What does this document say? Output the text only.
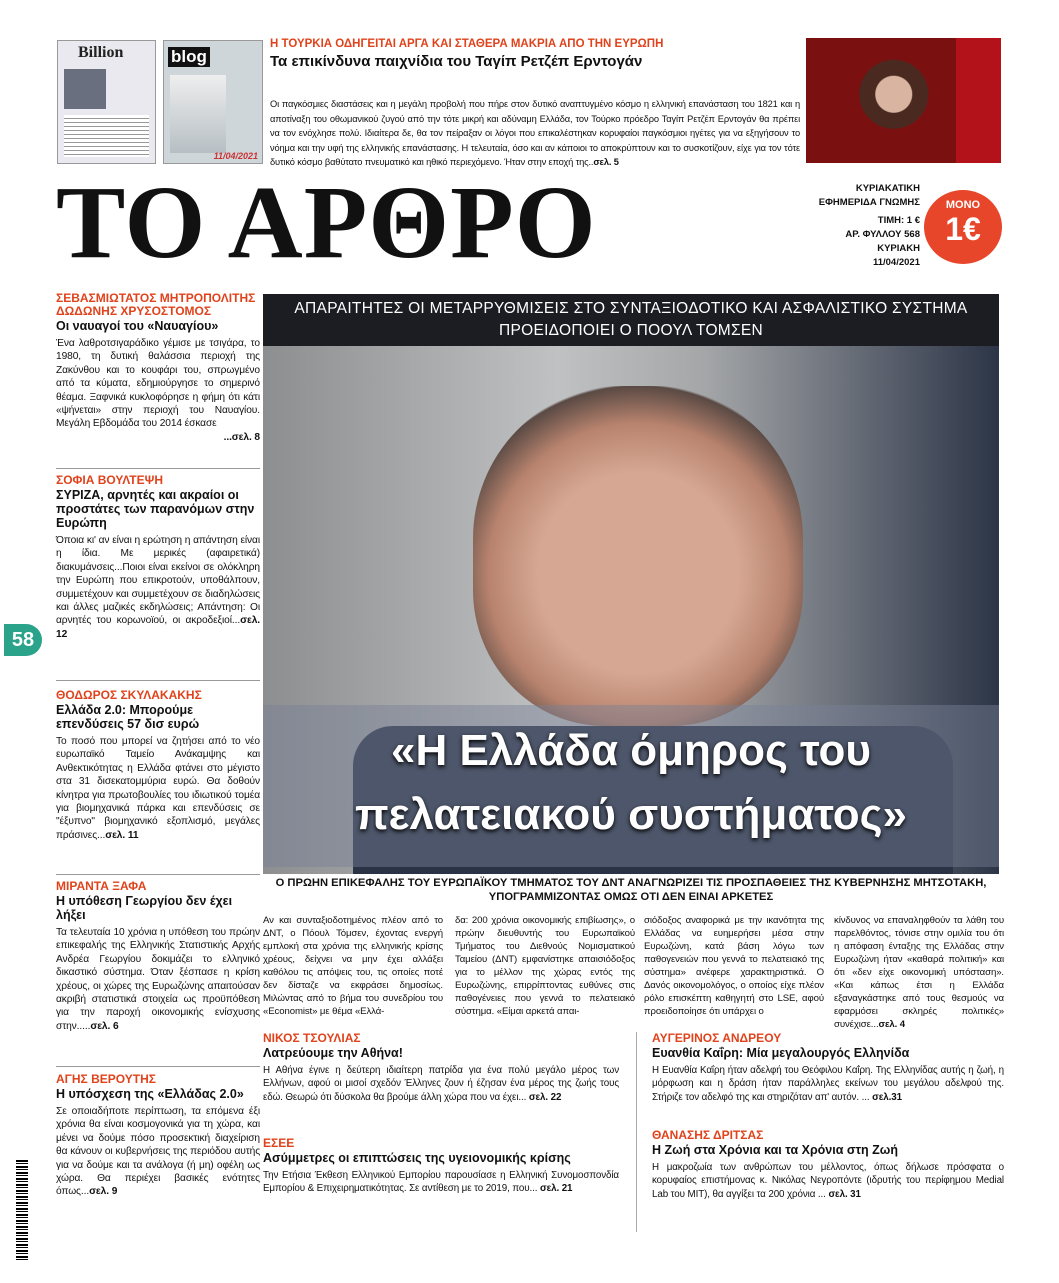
Billion	blog
11/04/2021
Η ΤΟΥΡΚΙΑ ΟΔΗΓΕΙΤΑΙ ΑΡΓΑ ΚΑΙ ΣΤΑΘΕΡΑ ΜΑΚΡΙΑ ΑΠΟ ΤΗΝ ΕΥΡΩΠΗ
Τα επικίνδυνα παιχνίδια του Ταγίπ Ρετζέπ Ερντογάν
Οι παγκόσμιες διαστάσεις και η μεγάλη προβολή που πήρε στον δυτικό αναπτυγμένο κόσμο η ελληνική επανάσταση του 1821 και η αποτίναξη του οθωμανικού ζυγού από την τότε μικρή και αδύναμη Ελλάδα, τον Τούρκο πρόεδρο Ταγίπ Ρετζέπ Ερντογάν θα πρέπει να τον ενόχλησε πολύ. Ιδιαίτερα δε, θα τον πείραξαν οι λόγοι που επικαλέστηκαν κορυφαίοι παγκόσμιοι ηγέτες για να εξηγήσουν το νόημα και την υφή της ελληνικής επανάστασης. Η τελευταία, όσο και αν κάποιοι το αποκρύπτουν και το συσκοτίζουν, είχε για τον τότε δυτικό κόσμο βαθύτατο πνευματικό και ηθικό περιεχόμενο. Ήταν στην εποχή της..σελ. 5
ΤΟ ΑΡΘΡΟ	ΚΥΡΙΑΚΑΤΙΚΗ
ΕΦΗΜΕΡΙΔΑ ΓΝΩΜΗΣ
ΤΙΜΗ: 1 €
ΑΡ. ΦΥΛΛΟΥ 568
ΚΥΡΙΑΚΗ
11/04/2021
ΜΟΝΟ
1€
ΑΠΑΡΑΙΤΗΤΕΣ ΟΙ ΜΕΤΑΡΡΥΘΜΙΣΕΙΣ ΣΤΟ ΣΥΝΤΑΞΙΟΔΟΤΙΚΟ ΚΑΙ ΑΣΦΑΛΙΣΤΙΚΟ ΣΥΣΤΗΜΑ ΠΡΟΕΙΔΟΠΟΙΕΙ Ο ΠΟΟΥΛ ΤΟΜΣΕΝ
«Η Ελλάδα όμηρος του
πελατειακού συστήματος»
Ο ΠΡΩΗΝ ΕΠΙΚΕΦΑΛΗΣ ΤΟΥ ΕΥΡΩΠΑΪΚΟΥ ΤΜΗΜΑΤΟΣ ΤΟΥ ΔΝΤ ΑΝΑΓΝΩΡΙΖΕΙ ΤΙΣ ΠΡΟΣΠΑΘΕΙΕΣ ΤΗΣ ΚΥΒΕΡΝΗΣΗΣ ΜΗΤΣΟΤΑΚΗ, ΥΠΟΓΡΑΜΜΙΖΟΝΤΑΣ ΟΜΩΣ ΟΤΙ ΔΕΝ ΕΙΝΑΙ ΑΡΚΕΤΕΣ
Αν και συνταξιοδοτημένος πλέον από το ΔΝΤ, ο Πόουλ Τόμσεν, έχοντας ενεργή εμπλοκή στα χρόνια της ελληνικής κρίσης χρέους, δείχνει να μην έχει αλλάξει καθόλου τις απόψεις του, τις οποίες ποτέ δεν δίσταζε να εκφράσει δημοσίως. Μιλώντας από το βήμα του συνεδρίου του «Economist» με θέμα «Ελλά-
δα: 200 χρόνια οικονομικής επιβίωσης», ο πρώην διευθυντής του Ευρωπαϊκού Τμήματος του Διεθνούς Νομισματικού Ταμείου (ΔΝΤ) εμφανίστηκε απαισιόδοξος για το μέλλον της χώρας εντός της Ευρωζώνης, επιρρίπτοντας ευθύνες στις παθογένειες που γεννά το πελατειακό σύστημα. «Είμαι αρκετά απαι-
σιόδοξος αναφορικά με την ικανότητα της Ελλάδας να ευημερήσει μέσα στην Ευρωζώνη, κατά βάση λόγω των παθογενειών που γεννά το πελατειακό της σύστημα» ανέφερε χαρακτηριστικά. Ο Δανός οικονομολόγος, ο οποίος είχε πλέον ρόλο επισκέπτη καθηγητή στο LSE, αφού προειδοποίησε ότι υπάρχει ο
κίνδυνος να επαναληφθούν τα λάθη του παρελθόντος, τόνισε στην ομιλία του ότι η απόφαση ένταξης της Ελλάδας στην Ευρωζώνη ήταν «καθαρά πολιτική» και ότι «δεν είχε οικονομική υπόσταση». «Και κάπως έτσι η Ελλάδα εξαναγκάστηκε από τους θεσμούς να εφαρμόσει σκληρές πολιτικές» συνέχισε...σελ. 4
ΝΙΚΟΣ ΤΣΟΥΛΙΑΣ
Λατρεύουμε την Αθήνα!
Η Αθήνα έγινε η δεύτερη ιδιαίτερη πατρίδα για ένα πολύ μεγάλο μέρος των Ελλήνων, αφού οι μισοί σχεδόν Έλληνες ζουν ή έζησαν ένα μέρος της ζωής τους εδώ. Θεωρώ ότι δύσκολα θα βρούμε άλλη χώρα που να έχει... σελ. 22
ΕΣΕΕ
Ασύμμετρες οι επιπτώσεις της υγειονομικής κρίσης
Την Ετήσια Έκθεση Ελληνικού Εμπορίου παρουσίασε η Ελληνική Συνομοσπονδία Εμπορίου & Επιχειρηματικότητας. Σε αντίθεση με το 2019, που... σελ. 21
ΑΥΓΕΡΙΝΟΣ ΑΝΔΡΕΟΥ
Ευανθία Καΐρη: Μία μεγαλουργός Ελληνίδα
Η Ευανθία Καΐρη ήταν αδελφή του Θεόφιλου Καΐρη. Της Ελληνίδας αυτής η ζωή, η μόρφωση και η δράση ήταν παράλληλες εκείνων του μεγάλου αδελφού της. Στήριζε τον αδελφό της και στηριζόταν απ' αυτόν. ... σελ.31
ΘΑΝΑΣΗΣ ΔΡΙΤΣΑΣ
Η Ζωή στα Χρόνια και τα Χρόνια στη Ζωή
Η μακροζωία των ανθρώπων του μέλλοντος, όπως δήλωσε πρόσφατα ο κορυφαίος επιστήμονας κ. Νικόλας Νεγροπόντε (ιδρυτής του περίφημου Medial Lab του MIT), θα αγγίξει τα 200 χρόνια ... σελ. 31
ΣΕΒΑΣΜΙΩΤΑΤΟΣ ΜΗΤΡΟΠΟΛΙΤΗΣ ΔΩΔΩΝΗΣ ΧΡΥΣΟΣΤΟΜΟΣ
Οι ναυαγοί του «Ναυαγίου»
Ένα λαθρoτσιγαράδικο γέμισε με τσιγάρα, το 1980, τη δυτική θαλάσσια περιοχή της Ζακύνθου και το κουφάρι του, σπρωγμένο από τα κύματα, εδημιούργησε το σημερινό θέαμα. Ξαφνικά κυκλοφόρησε η φήμη ότι κάτι «ψήνεται» στην περιοχή του Ναυαγίου. Μεγάλη Εβδομάδα του 2014 έσκασε
...σελ. 8
ΣΟΦΙΑ ΒΟΥΛΤΕΨΗ
ΣΥΡΙΖΑ, αρνητές και ακραίοι οι προστάτες των παρανόμων στην Ευρώπη
Όποια κι' αν είναι η ερώτηση η απάντηση είναι η ίδια. Με μερικές (αφαιρετικά) διακυμάνσεις...Ποιοι είναι εκείνοι σε ολόκληρη την Ευρώπη που επικροτούν, υποθάλπουν, συμμετέχουν και συμμετέχουν σε διαδηλώσεις και άλλες μαζικές εκδηλώσεις; Απάντηση: Οι αρνητές του κορωνοϊού, οι ακροδεξιοί...σελ. 12
ΘΟΔΩΡΟΣ ΣΚΥΛΑΚΑΚΗΣ
Ελλάδα 2.0: Μπορούμε επενδύσεις 57 δισ ευρώ
Το ποσό που μπορεί να ζητήσει από το νέο ευρωπαϊκό Ταμείο Ανάκαμψης και Ανθεκτικότητας η Ελλάδα φτάνει στο μέγιστο στα 31 δισεκατομμύρια ευρώ. Θα δοθούν κίνητρα για πρωτοβουλίες του ιδιωτικού τομέα για βιομηχανικά πάρκα και επενδύσεις σε "έξυπνο" βιομηχανικό εξοπλισμό, μεγάλες πράσινες...σελ. 11
ΜΙΡΑΝΤΑ ΞΑΦΑ
Η υπόθεση Γεωργίου δεν έχει λήξει
Τα τελευταία 10 χρόνια η υπόθεση του πρώην επικεφαλής της Ελληνικής Στατιστικής Αρχής Ανδρέα Γεωργίου δοκιμάζει το ελληνικό δικαστικό σύστημα. Όταν ξέσπασε η κρίση χρέους, οι χώρες της Ευρωζώνης απαιτούσαν ακριβή στατιστικά στοιχεία ως προϋπόθεση για την παροχή οικονομικής ενίσχυσης στην.....σελ. 6
ΑΓΗΣ ΒΕΡΟΥΤΗΣ
Η υπόσχεση της «Ελλάδας 2.0»
Σε οποιαδήποτε περίπτωση, τα επόμενα έξι χρόνια θα είναι κοσμογονικά για τη χώρα, και μένει να δούμε πόσο προσεκτική διαχείριση θα κάνουν οι κυβερνήσεις της περιόδου αυτής για να δούμε και τα ανάλογα (ή μη) οφέλη ως χώρα. Θα περιέχει βασικές ενότητες όπως...σελ. 9
58
